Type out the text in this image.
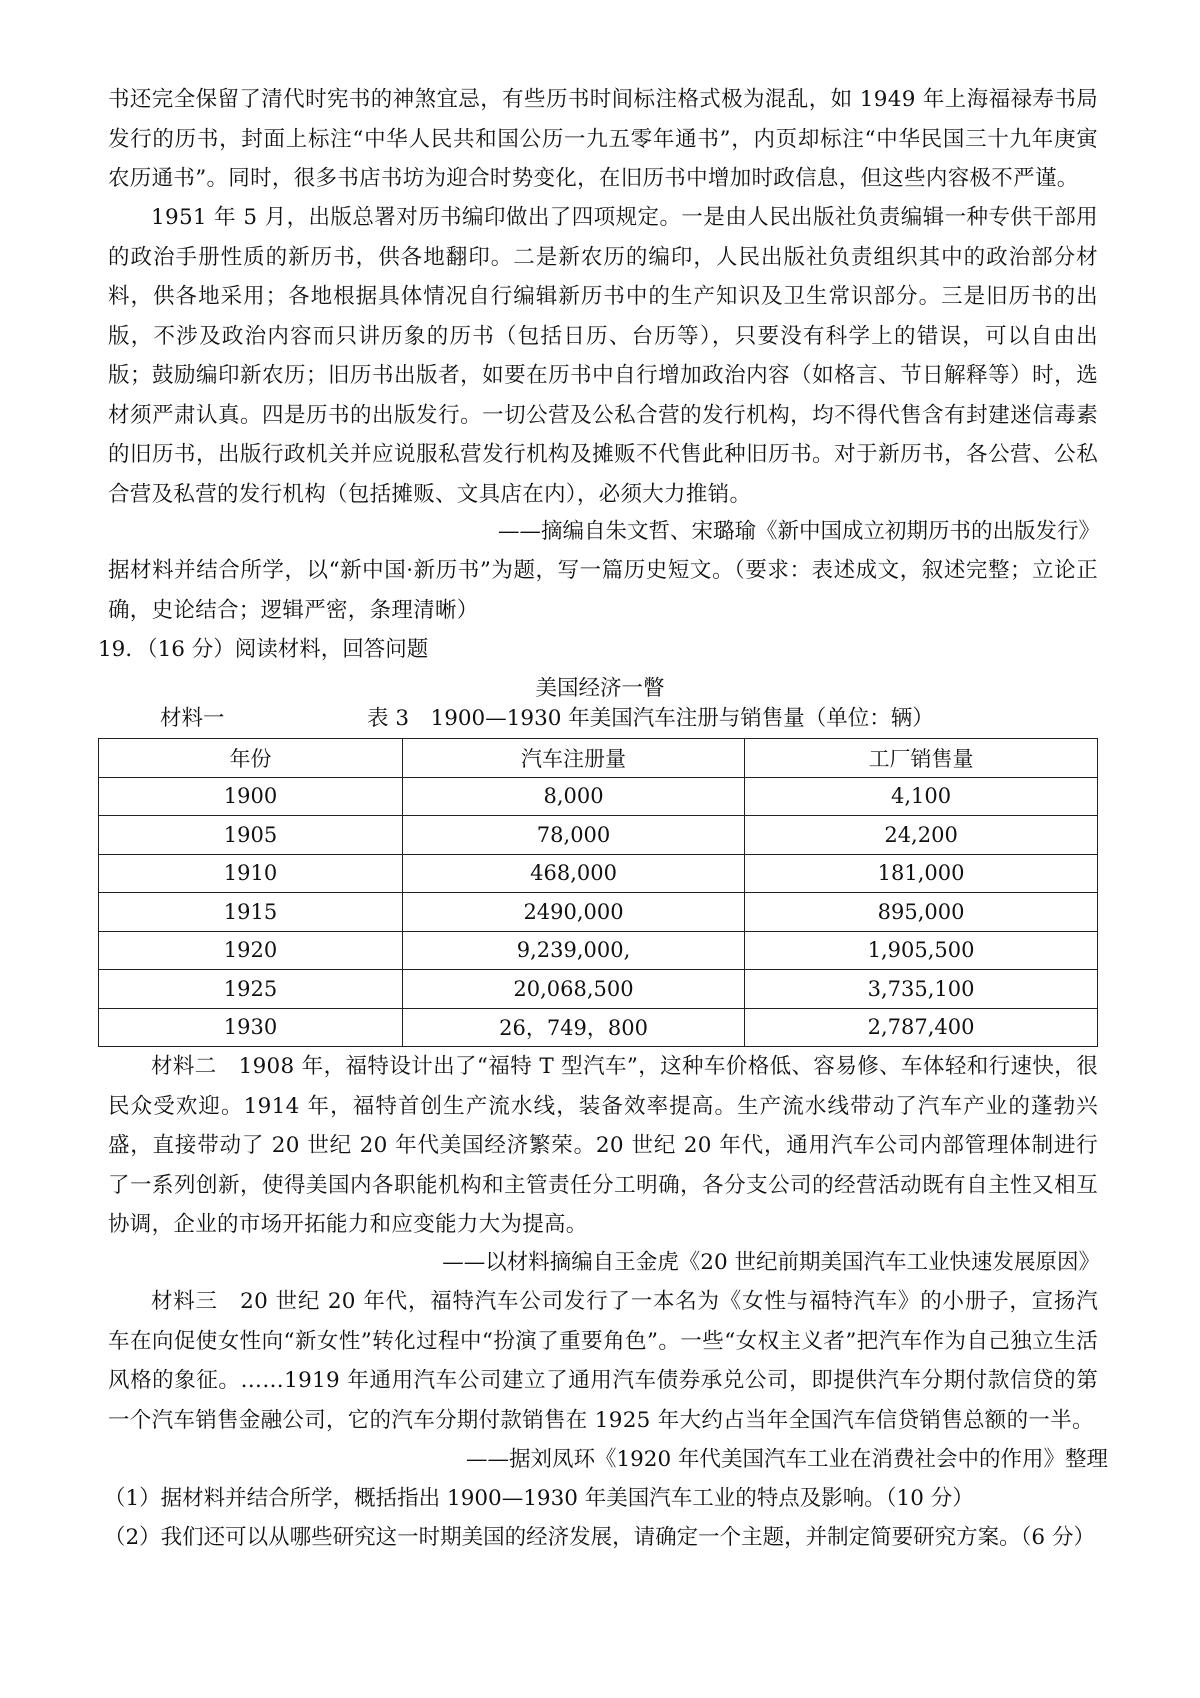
书还完全保留了清代时宪书的神煞宜忌，有些历书时间标注格式极为混乱，如 1949 年上海福禄寿书局发行的历书，封面上标注“中华人民共和国公历一九五零年通书”，内页却标注“中华民国三十九年庚寅农历通书”。同时，很多书店书坊为迎合时势变化，在旧历书中增加时政信息，但这些内容极不严谨。

1951 年 5 月，出版总署对历书编印做出了四项规定。一是由人民出版社负责编辑一种专供干部用的政治手册性质的新历书，供各地翻印。二是新农历的编印，人民出版社负责组织其中的政治部分材料，供各地采用；各地根据具体情况自行编辑新历书中的生产知识及卫生常识部分。三是旧历书的出版，不涉及政治内容而只讲历象的历书（包括日历、台历等），只要没有科学上的错误，可以自由出版；鼓励编印新农历；旧历书出版者，如要在历书中自行增加政治内容（如格言、节日解释等）时，选材须严肃认真。四是历书的出版发行。一切公营及公私合营的发行机构，均不得代售含有封建迷信毒素的旧历书，出版行政机关并应说服私营发行机构及摊贩不代售此种旧历书。对于新历书，各公营、公私合营及私营的发行机构（包括摊贩、文具店在内），必须大力推销。

——摘编自朱文哲、宋璐瑜《新中国成立初期历书的出版发行》

据材料并结合所学，以“新中国·新历书”为题，写一篇历史短文。（要求：表述成文，叙述完整；立论正确，史论结合；逻辑严密，条理清晰）

19．（16 分）阅读材料，回答问题

美国经济一瞥

材料一	表 3　1900—1930 年美国汽车注册与销售量（单位：辆）

年份	汽车注册量	工厂销售量
1900	8,000	4,100
1905	78,000	24,200
1910	468,000	181,000
1915	2490,000	895,000
1920	9,239,000,	1,905,500
1925	20,068,500	3,735,100
1930	26，749，800	2,787,400

材料二　1908 年，福特设计出了“福特 T 型汽车”，这种车价格低、容易修、车体轻和行速快，很民众受欢迎。1914 年，福特首创生产流水线，装备效率提高。生产流水线带动了汽车产业的蓬勃兴盛，直接带动了 20 世纪 20 年代美国经济繁荣。20 世纪 20 年代，通用汽车公司内部管理体制进行了一系列创新，使得美国内各职能机构和主管责任分工明确，各分支公司的经营活动既有自主性又相互协调，企业的市场开拓能力和应变能力大为提高。

——以材料摘编自王金虎《20 世纪前期美国汽车工业快速发展原因》

材料三　20 世纪 20 年代，福特汽车公司发行了一本名为《女性与福特汽车》的小册子，宣扬汽车在向促使女性向“新女性”转化过程中“扮演了重要角色”。一些“女权主义者”把汽车作为自己独立生活风格的象征。……1919 年通用汽车公司建立了通用汽车债券承兑公司，即提供汽车分期付款信贷的第一个汽车销售金融公司，它的汽车分期付款销售在 1925 年大约占当年全国汽车信贷销售总额的一半。

——据刘凤环《1920 年代美国汽车工业在消费社会中的作用》整理

（1）据材料并结合所学，概括指出 1900—1930 年美国汽车工业的特点及影响。（10 分）

（2）我们还可以从哪些研究这一时期美国的经济发展，请确定一个主题，并制定简要研究方案。（6 分）
